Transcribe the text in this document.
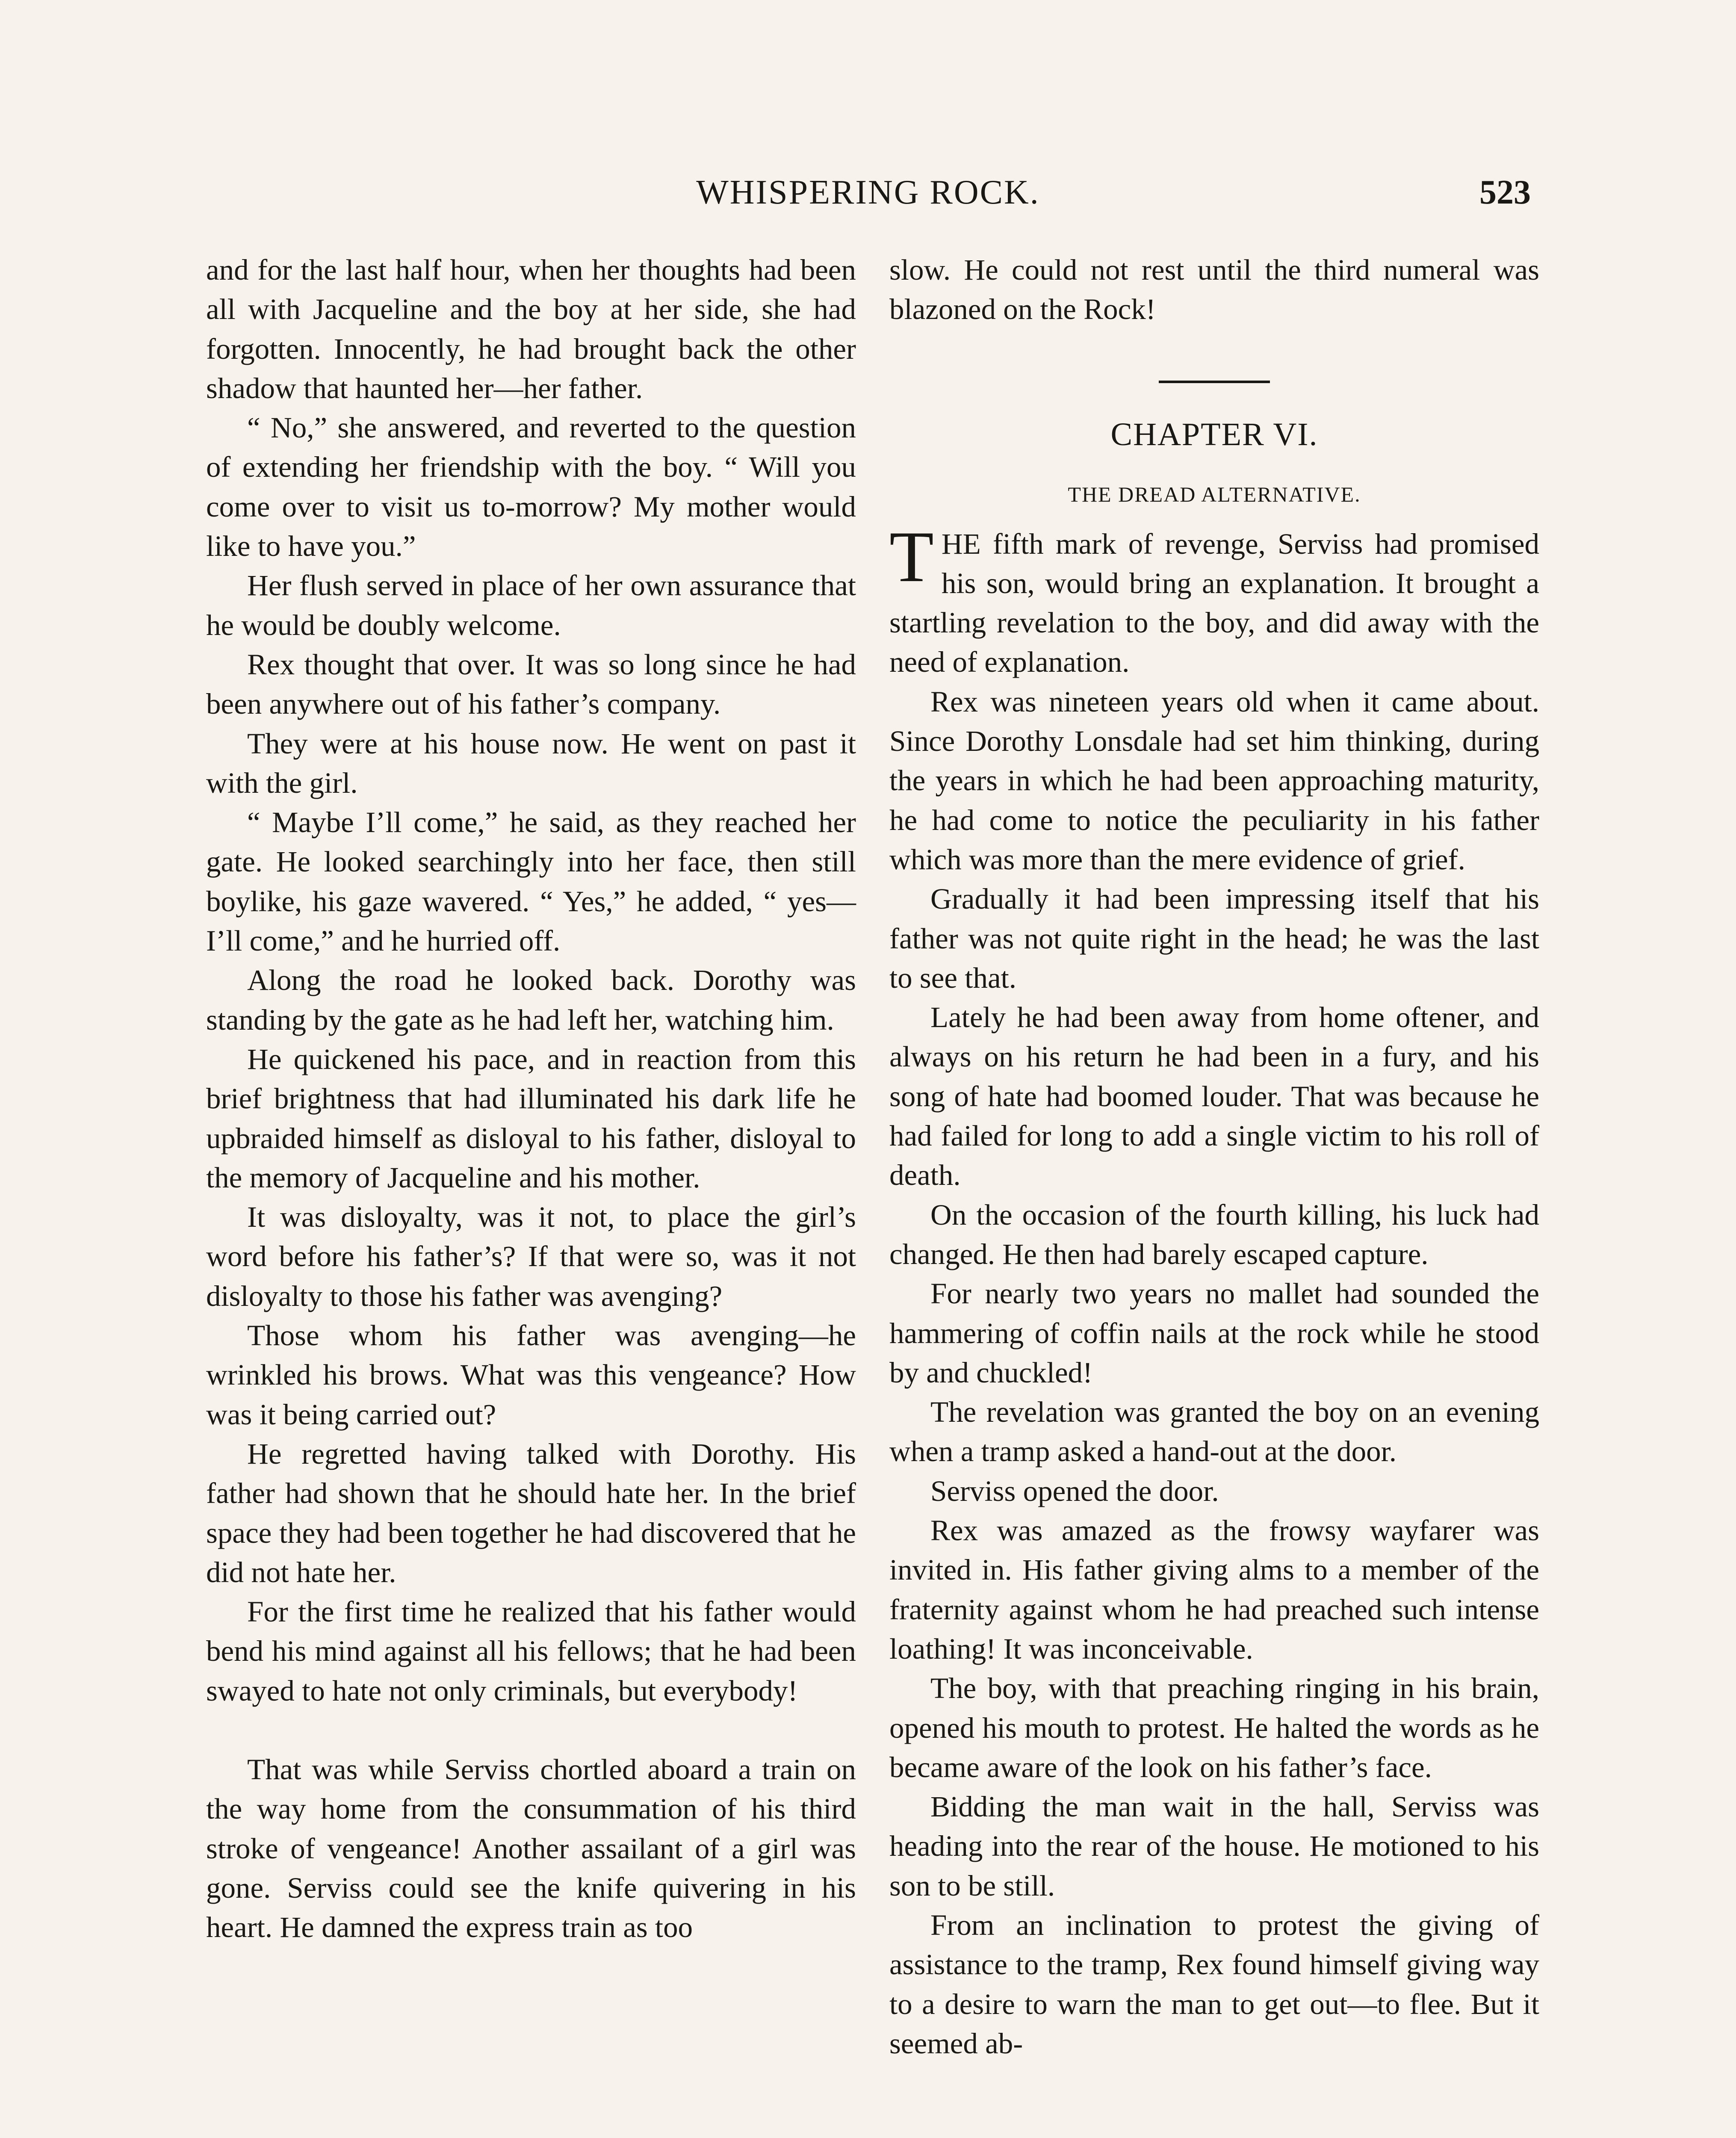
WHISPERING ROCK.	523

and for the last half hour, when her thoughts had been all with Jacqueline and the boy at her side, she had forgotten. Innocently, he had brought back the other shadow that haunted her—her father.

“ No,” she answered, and reverted to the question of extending her friendship with the boy. “ Will you come over to visit us to-morrow? My mother would like to have you.”

Her flush served in place of her own assurance that he would be doubly welcome.

Rex thought that over. It was so long since he had been anywhere out of his father’s company.

They were at his house now. He went on past it with the girl.

“ Maybe I’ll come,” he said, as they reached her gate. He looked searchingly into her face, then still boylike, his gaze wavered. “ Yes,” he added, “ yes—I’ll come,” and he hurried off.

Along the road he looked back. Dorothy was standing by the gate as he had left her, watching him.

He quickened his pace, and in reaction from this brief brightness that had illuminated his dark life he upbraided himself as disloyal to his father, disloyal to the memory of Jacqueline and his mother.

It was disloyalty, was it not, to place the girl’s word before his father’s? If that were so, was it not disloyalty to those his father was avenging?

Those whom his father was avenging—he wrinkled his brows. What was this vengeance? How was it being carried out?

He regretted having talked with Dorothy. His father had shown that he should hate her. In the brief space they had been together he had discovered that he did not hate her.

For the first time he realized that his father would bend his mind against all his fellows; that he had been swayed to hate not only criminals, but everybody!

That was while Serviss chortled aboard a train on the way home from the consummation of his third stroke of vengeance! Another assailant of a girl was gone. Serviss could see the knife quivering in his heart. He damned the express train as too

slow. He could not rest until the third numeral was blazoned on the Rock!

CHAPTER VI.
THE DREAD ALTERNATIVE.

THE fifth mark of revenge, Serviss had promised his son, would bring an explanation. It brought a startling revelation to the boy, and did away with the need of explanation.

Rex was nineteen years old when it came about. Since Dorothy Lonsdale had set him thinking, during the years in which he had been approaching maturity, he had come to notice the peculiarity in his father which was more than the mere evidence of grief.

Gradually it had been impressing itself that his father was not quite right in the head; he was the last to see that.

Lately he had been away from home oftener, and always on his return he had been in a fury, and his song of hate had boomed louder. That was because he had failed for long to add a single victim to his roll of death.

On the occasion of the fourth killing, his luck had changed. He then had barely escaped capture.

For nearly two years no mallet had sounded the hammering of coffin nails at the rock while he stood by and chuckled!

The revelation was granted the boy on an evening when a tramp asked a hand-out at the door.

Serviss opened the door.

Rex was amazed as the frowsy wayfarer was invited in. His father giving alms to a member of the fraternity against whom he had preached such intense loathing! It was inconceivable.

The boy, with that preaching ringing in his brain, opened his mouth to protest. He halted the words as he became aware of the look on his father’s face.

Bidding the man wait in the hall, Serviss was heading into the rear of the house. He motioned to his son to be still.

From an inclination to protest the giving of assistance to the tramp, Rex found himself giving way to a desire to warn the man to get out—to flee. But it seemed ab-
